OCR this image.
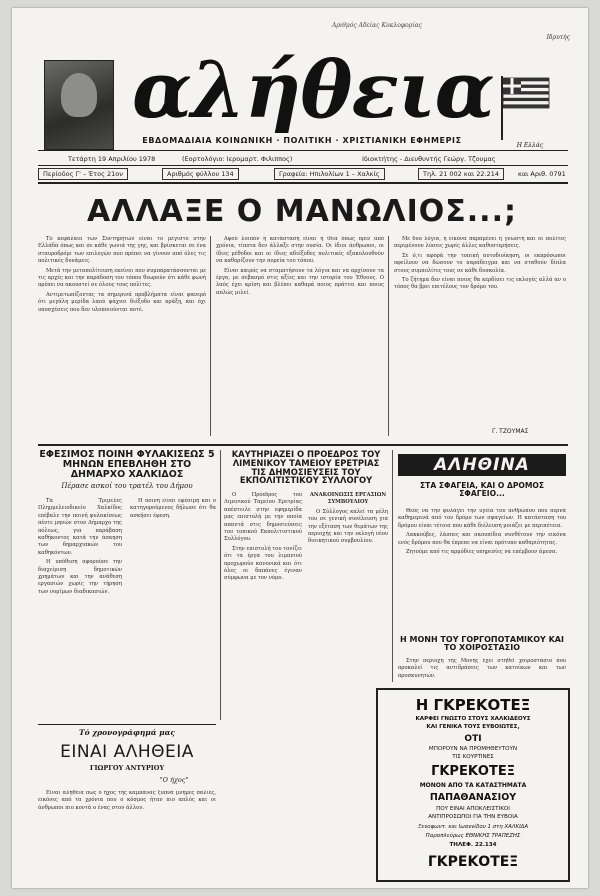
Αριθμός Αδείας Κυκλοφορίας
αλήθεια
Ιδρυτής
Η Ελλάς
ΕΒΔΟΜΑΔΙΑΙΑ ΚΟΙΝΩΝΙΚΗ · ΠΟΛΙΤΙΚΗ · ΧΡΙΣΤΙΑΝΙΚΗ ΕΦΗΜΕΡΙΣ
Τετάρτη 19 Απριλίου 1978	(Εορτολόγιο: Ιερομαρτ. Φιλιππος)	Ιδιοκτήτης - Διευθυντής Γεώργ. Τζουμας
Περίοδος Γ' – Έτος 21ον	Αριθμός φύλλου 134	Γραφεία: Ηπιλολίων 1 – Χαλκίς	Τηλ. 21 002 και 22.214	και Αριθ. 0791
ΑΛΛΑΞΕ Ο ΜΑΝΩΛΙΟΣ...;

Το κεφάλαιο των Συντηρητών είναι το μέγιστο στην Ελλάδα όπως και σε κάθε γωνιά της γης, και βρίσκεται σε ένα σταυροδρόμι των επιλογών που πρέπει να γίνουν από όλες τις πολιτικές δυνάμεις.

Μετά την μεταπολίτευση εκείνοι που συμπαρατάσσονται με τις αρχές και την παράδοση του τόπου θεωρούν ότι κάθε φωνή πρέπει να ακουστεί σε όλους τους πολίτες.

Αντιμετωπίζοντας τα σημερινά προβλήματα είναι φανερό ότι μεγάλη μερίδα λαού ψάχνει διέξοδο και πράξη, και όχι υποσχέσεις που δεν υλοποιούνται ποτέ.

Αφού λοιπόν η κατάσταση είναι η ίδια όπως πριν από χρόνια, τίποτα δεν άλλαξε στην ουσία. Οι ίδιοι άνθρωποι, οι ίδιες μέθοδοι και οι ίδιες αδιέξοδες πολιτικές εξακολουθούν να καθορίζουν την πορεία του τόπου.

Είναι καιρός να σταματήσουν τα λόγια και να αρχίσουν τα έργα, με σεβασμό στις αξίες και την ιστορία του Έθνους. Ο λαός έχει κρίση και βλέπει καθαρά ποιος πράττει και ποιος απλώς μιλεί.

Με δυο λόγια, η εικόνα παραμένει η γνωστή και οι πολίτες περιμένουν λύσεις χωρίς άλλες καθυστερήσεις.

Σε ό,τι αφορά την τοπική αυτοδιοίκηση, οι εκπρόσωποι οφείλουν να δώσουν το παράδειγμα και να σταθούν δίπλα στους συμπολίτες τους σε κάθε δυσκολία.

Το ζήτημα δεν είναι ποιος θα κερδίσει τις εκλογές αλλά αν ο τόπος θα βρει επιτέλους τον δρόμο του.

Γ. ΤΖΟΥΜΑΣ
ΕΦΕΣΙΜΟΣ ΠΟΙΝΗ ΦΥΛΑΚΙΣΕΩΣ 5 ΜΗΝΩΝ ΕΠΕΒΛΗΘΗ ΣΤΟ ΔΗΜΑΡΧΟ ΧΑΛΚΙΔΟΣ
Πέρασε ασκοί του τρατέλ του Δήμου

Τα Τριμελές Πλημμελειοδικείο Χαλκίδος επέβαλε την ποινή φυλακίσεως πέντε μηνών στον Δήμαρχο της πόλεως, για παράβαση καθήκοντος κατά την άσκηση των δημαρχιακών του καθηκόντων.

Η υπόθεση αφορούσε την διαχείριση δημοτικών χρημάτων και την ανάθεση εργασιών χωρίς την τήρηση των νομίμων διαδικασιών.

Η ποινή είναι εφέσιμη και ο κατηγορούμενος δήλωσε ότι θα ασκήσει έφεση.

ΚΑΥΤΗΡΙΑΖΕΙ Ο ΠΡΟΕΔΡΟΣ ΤΟΥ ΛΙΜΕΝΙΚΟΥ ΤΑΜΕΙΟΥ ΕΡΕΤΡΙΑΣ ΤΙΣ ΔΗΜΟΣΙΕΥΣΕΙΣ ΤΟΥ ΕΚΠΟΛΙΤΙΣΤΙΚΟΥ ΣΥΛΛΟΓΟΥ

Ο Πρόεδρος του Λιμενικού Ταμείου Ερετρίας απέστειλε στην εφημερίδα μας επιστολή με την οποία απαντά στις δημοσιεύσεις του τοπικού Εκπολιτιστικού Συλλόγου.

Στην επιστολή του τονίζει ότι τα έργα του λιμανιού προχωρούν κανονικά και ότι όλες οι δαπάνες έγιναν σύμφωνα με τον νόμο.

ΑΝΑΚΟΙΝΩΣΙΣ ΕΡΓΑΣΙΩΝ ΣΥΜΒΟΥΛΙΟΥ

Ο Σύλλογος καλεί τα μέλη του σε γενική συνέλευση για την εξέταση των θεμάτων της περιοχής και την εκλογή νέου διοικητικού συμβουλίου.

ΑΛΗΘΙΝΑ
ΣΤΑ ΣΦΑΓΕΙΑ, ΚΑΙ Ο ΔΡΟΜΟΣ ΣΦΑΓΕΙΟ...

Θεός να την φυλάγει την υγεία του ανθρώπου που περνά καθημερινά από τον δρόμο των σφαγείων. Η κατάσταση του δρόμου είναι τέτοια που κάθε διέλευση μοιάζει με περιπέτεια.

Λακκούβες, λάσπες και σκουπίδια συνθέτουν την εικόνα ενός δρόμου που θα έπρεπε να είναι πρότυπο καθαριότητας.

Ζητούμε από τις αρμόδιες υπηρεσίες να επέμβουν άμεσα.

Η ΜΟΝΗ ΤΟΥ ΓΟΡΓΟΠΟΤΑΜΙΚΟΥ ΚΑΙ ΤΟ ΧΟΙΡΟΣΤΑΣΙΟ

Στην περιοχή της Μονής έχει στηθεί χοιροστάσιο που προκαλεί τις αντιδράσεις των κατοίκων και των προσκυνητών.

Τό χρονογράφημά μας
ΕΙΝΑΙ ΑΛΗΘΕΙΑ
ΓΙΩΡΓΟΥ ΑΝΤΥΡΙΟΥ
"Ο ήχος"

Είναι αλήθεια πως ο ήχος της καμπάνας ξυπνά μνήμες παλιές, εικόνες από τα χρόνια που ο κόσμος ήταν πιο απλός και οι άνθρωποι πιο κοντά ο ένας στον άλλον.

Η ΓΚΡΕΚΟΤΕΞ
ΚΑΡΦΕΙ ΓΝΩΣΤΟ ΣΤΟΥΣ ΧΑΛΚΙΔΕΟΥΣ
ΚΑΙ ΓΕΝΙΚΑ ΤΟΥΣ ΕΥΒΟΙΩΤΕΣ,
ΟΤΙ
ΜΠΟΡΟΥΝ ΝΑ ΠΡΟΜΗΘΕΥΤΟΥΝ
ΤΙΣ ΚΟΥΡΤΙΝΕΣ
ΓΚΡΕΚΟΤΕΞ
ΜΟΝΟΝ ΑΠΟ ΤΑ ΚΑΤΑΣΤΗΜΑΤΑ
ΠΑΠΑΘΑΝΑΣΙΟΥ
ΠΟΥ ΕΙΝΑΙ ΑΠΟΚΛΕΙΣΤΙΚΟΙ
ΑΝΤΙΠΡΟΣΩΠΟΙ ΓΙΑ ΤΗΝ ΕΥΒΟΙΑ
Ξενοφωντ. και Ιωαννίδου 1 στη ΧΑΛΚΙΔΑ
Παραπλεύρως ΕΘΝΙΚΗΣ ΤΡΑΠΕΖΗΣ
ΤΗΛΕΦ. 22.134
ΓΚΡΕΚΟΤΕΞ
